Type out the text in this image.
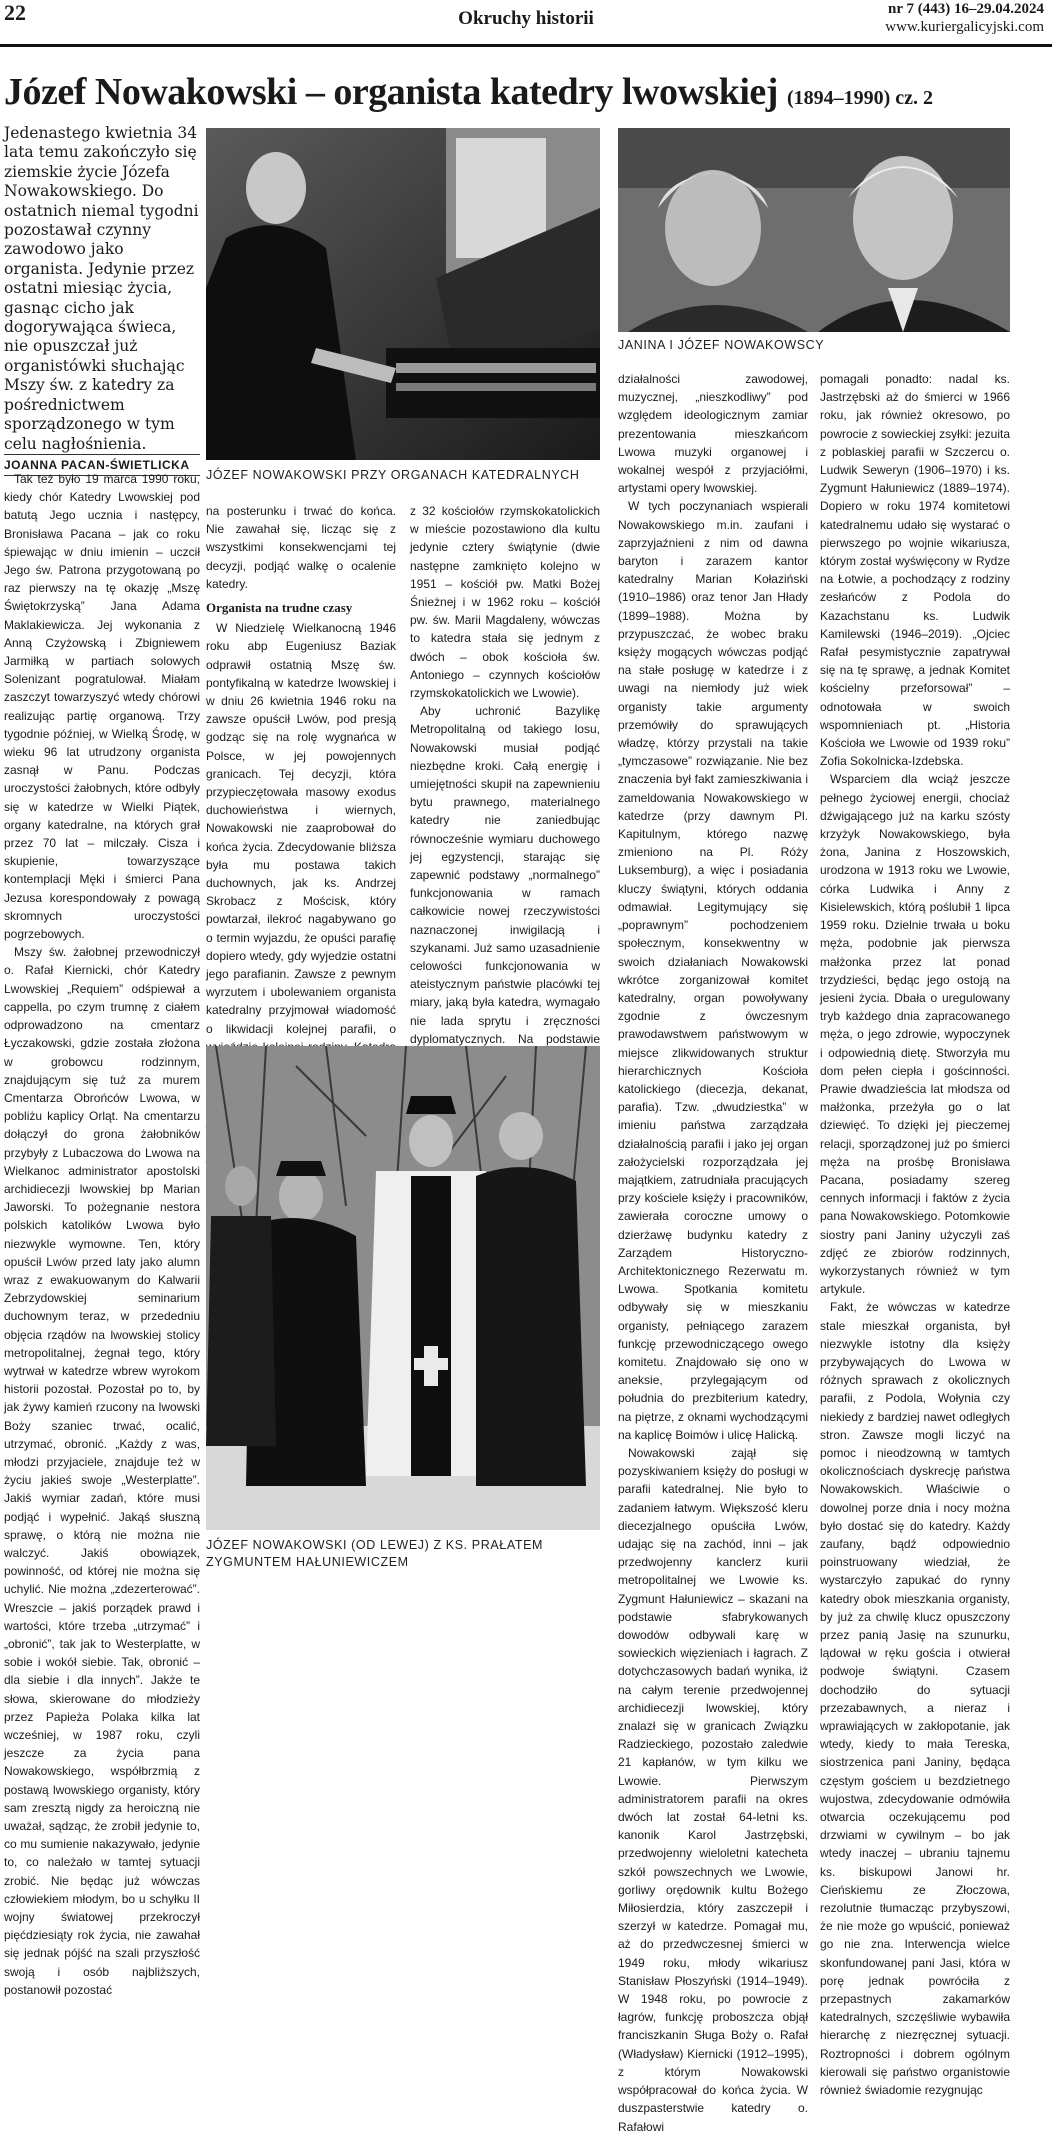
22	Okruchy historii	nr 7 (443) 16–29.04.2024
www.kuriergalicyjski.com
Józef Nowakowski – organista katedry lwowskiej (1894–1990) cz. 2
Jedenastego kwietnia 34 lata temu zakończyło się ziemskie życie Józefa Nowakowskiego. Do ostatnich niemal tygodni pozostawał czynny zawodowo jako organista. Jedynie przez ostatni miesiąc życia, gasnąc cicho jak dogorywająca świeca, nie opuszczał już organistówki słuchając Mszy św. z katedry za pośrednictwem sporządzonego w tym celu nagłośnienia.
JOANNA PACAN-ŚWIETLICKA

Tak też było 19 marca 1990 roku, kiedy chór Katedry Lwowskiej pod batutą Jego ucznia i następcy, Bronisława Pacana – jak co roku śpiewając w dniu imienin – uczcił Jego św. Patrona przygotowaną po raz pierwszy na tę okazję „Mszę Świętokrzyską” Jana Adama Maklakiewicza. Jej wykonania z Anną Czyżowską i Zbigniewem Jarmiłką w partiach solowych Solenizant pogratulował. Miałam zaszczyt towarzyszyć wtedy chórowi realizując partię organową. Trzy tygodnie później, w Wielką Środę, w wieku 96 lat utrudzony organista zasnął w Panu. Podczas uroczystości żałobnych, które odbyły się w katedrze w Wielki Piątek, organy katedralne, na których grał przez 70 lat – milczały. Cisza i skupienie, towarzyszące kontemplacji Męki i śmierci Pana Jezusa korespondowały z powagą skromnych uroczystości pogrzebowych.

Mszy św. żałobnej przewodniczył o. Rafał Kiernicki, chór Katedry Lwowskiej „Requiem” odśpiewał a cappella, po czym trumnę z ciałem odprowadzono na cmentarz Łyczakowski, gdzie została złożona w grobowcu rodzinnym, znajdującym się tuż za murem Cmentarza Obrońców Lwowa, w pobliżu kaplicy Orląt. Na cmentarzu dołączył do grona żałobników przybyły z Lubaczowa do Lwowa na Wielkanoc administrator apostolski archidiecezji lwowskiej bp Marian Jaworski. To pożegnanie nestora polskich katolików Lwowa było niezwykle wymowne. Ten, który opuścił Lwów przed laty jako alumn wraz z ewakuowanym do Kalwarii Zebrzydowskiej seminarium duchownym teraz, w przededniu objęcia rządów na lwowskiej stolicy metropolitalnej, żegnał tego, który wytrwał w katedrze wbrew wyrokom historii pozostał. Pozostał po to, by jak żywy kamień rzucony na lwowski Boży szaniec trwać, ocalić, utrzymać, obronić. „Każdy z was, młodzi przyjaciele, znajduje też w życiu jakieś swoje „Westerplatte”. Jakiś wymiar zadań, które musi podjąć i wypełnić. Jakąś słuszną sprawę, o którą nie można nie walczyć. Jakiś obowiązek, powinność, od której nie można się uchylić. Nie można „zdezerterować”. Wreszcie – jakiś porządek prawd i wartości, które trzeba „utrzymać” i „obronić”, tak jak to Westerplatte, w sobie i wokół siebie. Tak, obronić – dla siebie i dla innych”. Jakże te słowa, skierowane do młodzieży przez Papieża Polaka kilka lat wcześniej, w 1987 roku, czyli jeszcze za życia pana Nowakowskiego, współbrzmią z postawą lwowskiego organisty, który sam zresztą nigdy za heroiczną nie uważał, sądząc, że zrobił jedynie to, co mu sumienie nakazywało, jedynie to, co należało w tamtej sytuacji zrobić. Nie będąc już wówczas człowiekiem młodym, bo u schyłku II wojny światowej przekroczył pięćdziesiąty rok życia, nie zawahał się jednak pójść na szali przyszłość swoją i osób najbliższych, postanowił pozostać

JÓZEF NOWAKOWSKI PRZY ORGANACH KATEDRALNYCH
JANINA I JÓZEF NOWAKOWSCY

na posterunku i trwać do końca. Nie zawahał się, licząc się z wszystkimi konsekwencjami tej decyzji, podjąć walkę o ocalenie katedry.

Organista na trudne czasy

W Niedzielę Wielkanocną 1946 roku abp Eugeniusz Baziak odprawił ostatnią Mszę św. pontyfikalną w katedrze lwowskiej i w dniu 26 kwietnia 1946 roku na zawsze opuścił Lwów, pod presją godząc się na rolę wygnańca w Polsce, w jej powojennych granicach. Tej decyzji, która przypieczętowała masowy exodus duchowieństwa i wiernych, Nowakowski nie zaaprobował do końca życia. Zdecydowanie bliższa była mu postawa takich duchownych, jak ks. Andrzej Skrobacz z Mościsk, który powtarzał, ilekroć nagabywano go o termin wyjazdu, że opuści parafię dopiero wtedy, gdy wyjedzie ostatni jego parafianin. Zawsze z pewnym wyrzutem i ubolewaniem organista katedralny przyjmował wiadomość o likwidacji kolejnej parafii, o

z 32 kościołów rzymskokatolickich w mieście pozostawiono dla kultu jedynie cztery świątynie (dwie następne zamknięto kolejno w 1951 – kościół pw. Matki Bożej Śnieżnej i w 1962 roku – kościół pw. św. Marii Magdaleny, wówczas to katedra stała się jednym z dwóch – obok kościoła św. Antoniego – czynnych kościołów rzymskokatolickich we Lwowie).

Aby uchronić Bazylikę Metropolitalną od takiego losu, Nowakowski musiał podjąć niezbędne kroki. Całą energię i umiejętności skupił na zapewnieniu bytu prawnego, materialnego katedry nie zaniedbując równocześnie wymiaru duchowego jej egzystencji, starając się zapewnić podstawy „normalnego” funkcjonowania w ramach całkowicie nowej rzeczywistości naznaczonej inwigilacją i szykanami. Już samo uzasadnienie celowości funkcjonowania w ateistycznym państwie placówki tej miary, jaką była katedra, wymagało nie lada sprytu i zręczności dyplomatycznych. Na podstawie

działalności zawodowej, muzycznej, „nieszkodliwy” pod względem ideologicznym zamiar prezentowania mieszkańcom Lwowa muzyki organowej i wokalnej wespół z przyjaciółmi, artystami opery lwowskiej.

W tych poczynaniach wspierali Nowakowskiego m.in. zaufani i zaprzyjaźnieni z nim od dawna baryton i zarazem kantor katedralny Marian Kołaziński (1910–1986) oraz tenor Jan Hłady (1899–1988). Można by przypuszczać, że wobec braku księży mogących wówczas podjąć na stałe posługę w katedrze i z uwagi na niemłody już wiek organisty takie argumenty przemówiły do sprawujących władzę, którzy przystali na takie „tymczasowe” rozwiązanie. Nie bez znaczenia był fakt zamieszkiwania i zameldowania Nowakowskiego w katedrze (przy dawnym Pl. Kapitulnym, którego nazwę zmieniono na Pl. Róży Luksemburg), a więc i posiadania kluczy świątyni, których oddania odmawiał. Legitymujący się „poprawnym” pochodzeniem społecznym, konsekwentny w swoich działaniach Nowakowski wkrótce zorganizował komitet katedralny, organ powoływany zgodnie z ówczesnym prawodawstwem państwowym w miejsce zlikwidowanych struktur hierarchicznych Kościoła katolickiego (diecezja, dekanat, parafia). Tzw. „dwudziestka” w imieniu państwa zarządzała działalnością parafii i jako jej organ założycielski rozporządzała jej majątkiem, zatrudniała pracujących przy kościele księży i pracowników, zawierała coroczne umowy o dzierżawę budynku katedry z Zarządem Historyczno-Architektonicznego Rezerwatu m. Lwowa. Spotkania komitetu odbywały się w mieszkaniu organisty, pełniącego zarazem funkcję przewodniczącego owego komitetu. Znajdowało się ono w aneksie, przylegającym od południa do prezbiterium katedry, na piętrze, z oknami wychodzącymi na kaplicę Boimów i ulicę Halicką.

Nowakowski zajął się pozyskiwaniem księży do posługi w parafii katedralnej. Nie było to zadaniem łatwym. Większość kleru diecezjalnego opuściła Lwów, udając się na zachód, inni – jak przedwojenny kanclerz kurii metropolitalnej we Lwowie ks. Zygmunt Hałuniewicz – skazani na podstawie sfabrykowanych dowodów odbywali karę w sowieckich więzieniach i łagrach. Z dotychczasowych badań wynika, iż na całym terenie przedwojennej archidiecezji lwowskiej, który znalazł się w granicach Związku Radzieckiego, pozostało zaledwie 21 kapłanów, w tym kilku we Lwowie. Pierwszym administratorem parafii na okres dwóch lat został 64-letni ks. kanonik Karol Jastrzębski, przedwojenny wieloletni katecheta szkół powszechnych we Lwowie, gorliwy orędownik kultu Bożego Miłosierdzia, który zaszczepił i szerzył w katedrze. Pomagał mu, aż do przedwczesnej śmierci w 1949 roku, młody wikariusz Stanisław Płoszyński (1914–1949). W 1948 roku, po powrocie z łagrów, funkcję proboszcza objął franciszkanin Sługa Boży o. Rafał (Władysław) Kiernicki (1912–1995), z którym Nowakowski współpracował do końca życia. W duszpasterstwie katedry o. Rafałowi

pomagali ponadto: nadal ks. Jastrzębski aż do śmierci w 1966 roku, jak również okresowo, po powrocie z sowieckiej zsyłki: jezuita z poblaskiej parafii w Szczercu o. Ludwik Seweryn (1906–1970) i ks. Zygmunt Hałuniewicz (1889–1974). Dopiero w roku 1974 komitetowi katedralnemu udało się wystarać o pierwszego po wojnie wikariusza, którym został wyświęcony w Rydze na Łotwie, a pochodzący z rodziny zesłańców z Podola do Kazachstanu ks. Ludwik Kamilewski (1946–2019). „Ojciec Rafał pesymistycznie zapatrywał się na tę sprawę, a jednak Komitet kościelny przeforsował” – odnotowała w swoich wspomnieniach pt. „Historia Kościoła we Lwowie od 1939 roku” Zofia Sokolnicka-Izdebska.

Wsparciem dla wciąż jeszcze pełnego życiowej energii, chociaż dźwigającego już na karku szósty krzyżyk Nowakowskiego, była żona, Janina z Hoszowskich, urodzona w 1913 roku we Lwowie, córka Ludwika i Anny z Kisielewskich, którą poślubił 1 lipca 1959 roku. Dzielnie trwała u boku męża, podobnie jak pierwsza małżonka przez lat ponad trzydzieści, będąc jego ostoją na jesieni życia. Dbała o uregulowany tryb każdego dnia zapracowanego męża, o jego zdrowie, wypoczynek i odpowiednią dietę. Stworzyła mu dom pełen ciepła i gościnności. Prawie dwadzieścia lat młodsza od małżonka, przeżyła go o lat dziewięć. To dzięki jej pieczemej relacji, sporządzonej już po śmierci męża na prośbę Bronisława Pacana, posiadamy szereg cennych informacji i faktów z życia pana Nowakowskiego. Potomkowie siostry pani Janiny użyczyli zaś zdjęć ze zbiorów rodzinnych, wykorzystanych również w tym artykule.

Fakt, że wówczas w katedrze stale mieszkał organista, był niezwykle istotny dla księży przybywających do Lwowa w różnych sprawach z okolicznych parafii, z Podola, Wołynia czy niekiedy z bardziej nawet odległych stron. Zawsze mogli liczyć na pomoc i nieodzowną w tamtych okolicznościach dyskrecję państwa Nowakowskich. Właściwie o dowolnej porze dnia i nocy można było dostać się do katedry. Każdy zaufany, bądź odpowiednio poinstruowany wiedział, że wystarczyło zapukać do rynny katedry obok mieszkania organisty, by już za chwilę klucz opuszczony przez panią Jasię na szunurku, lądował w ręku gościa i otwierał podwoje świątyni. Czasem dochodziło do sytuacji przezabawnych, a nieraz i wprawiających w zakłopotanie, jak wtedy, kiedy to mała Tereska, siostrzenica pani Janiny, będąca częstym gościem u bezdzietnego wujostwa, zdecydowanie odmówiła otwarcia oczekującemu pod drzwiami w cywilnym – bo jak wtedy inaczej – ubraniu tajnemu ks. biskupowi Janowi hr. Cieńskiemu ze Złoczowa, rezolutnie tłumacząc przybyszowi, że nie może go wpuścić, ponieważ go nie zna. Interwencja wielce skonfundowanej pani Jasi, która w porę jednak powróciła z przepastnych zakamarków katedralnych, szczęśliwie wybawiła hierarchę z niezręcznej sytuacji. Roztropności i dobrem ogólnym kierowali się państwo organistowie również świadomie rezygnując

JÓZEF NOWAKOWSKI (OD LEWEJ) Z KS. PRAŁATEM ZYGMUNTEM HAŁUNIEWICZEM
